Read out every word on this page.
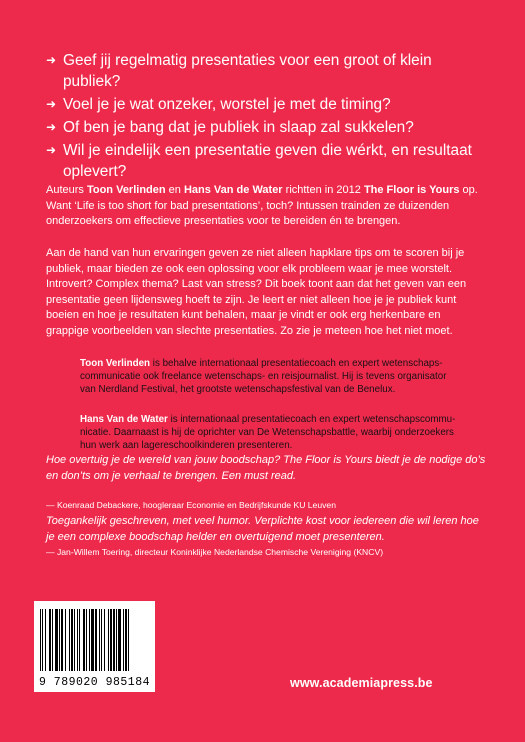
➜ Geef jij regelmatig presentaties voor een groot of klein publiek?
➜ Voel je je wat onzeker, worstel je met de timing?
➜ Of ben je bang dat je publiek in slaap zal sukkelen?
➜ Wil je eindelijk een presentatie geven die wérkt, en resultaat oplevert?

Auteurs Toon Verlinden en Hans Van de Water richtten in 2012 The Floor is Yours op. Want ‘Life is too short for bad presentations’, toch? Intussen trainden ze duizenden onderzoekers om effectieve presentaties voor te bereiden én te brengen.

Aan de hand van hun ervaringen geven ze niet alleen hapklare tips om te scoren bij je publiek, maar bieden ze ook een oplossing voor elk probleem waar je mee worstelt. Introvert? Complex thema? Last van stress? Dit boek toont aan dat het geven van een presentatie geen lijdensweg hoeft te zijn. Je leert er niet alleen hoe je je publiek kunt boeien en hoe je resultaten kunt behalen, maar je vindt er ook erg herkenbare en grappige voorbeelden van slechte presentaties. Zo zie je meteen hoe het niet moet.

Toon Verlinden is behalve internationaal presentatiecoach en expert wetenschapscommunicatie ook freelance wetenschaps- en reisjournalist. Hij is tevens organisator van Nerdland Festival, het grootste wetenschapsfestival van de Benelux.

Hans Van de Water is internationaal presentatiecoach en expert wetenschapscommunicatie. Daarnaast is hij de oprichter van De Wetenschapsbattle, waarbij onderzoekers hun werk aan lagereschoolkinderen presenteren.

Hoe overtuig je de wereld van jouw boodschap? The Floor is Yours biedt je de nodige do’s en don’ts om je verhaal te brengen. Een must read.

— Koenraad Debackere, hoogleraar Economie en Bedrijfskunde KU Leuven

Toegankelijk geschreven, met veel humor. Verplichte kost voor iedereen die wil leren hoe je een complexe boodschap helder en overtuigend moet presenteren.

— Jan-Willem Toering, directeur Koninklijke Nederlandse Chemische Vereniging (KNCV)
9 789020 985184	www.academiapress.be
